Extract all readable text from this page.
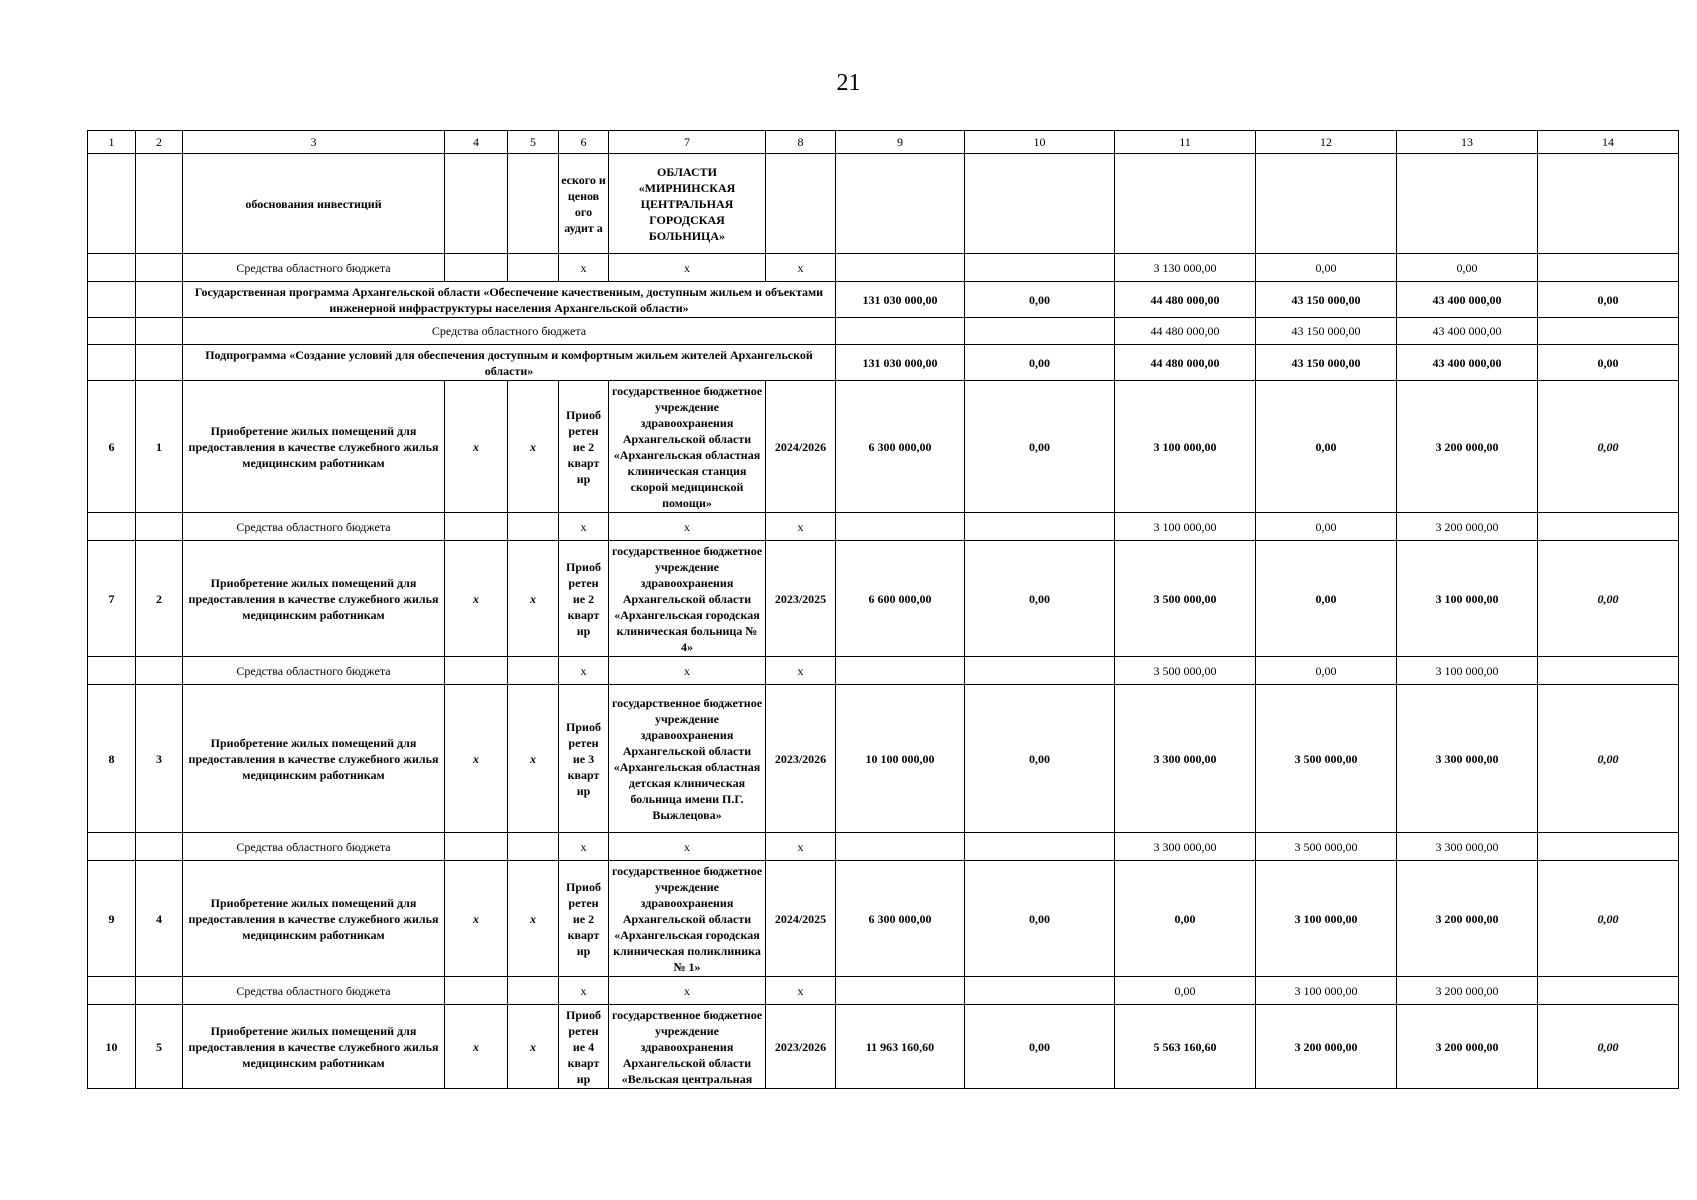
21
1	2	3	4	5	6	7	8	9	10	11	12	13	14
		обоснования инвестиций			еского и ценов ого аудит а	ОБЛАСТИ «МИРНИНСКАЯ ЦЕНТРАЛЬНАЯ ГОРОДСКАЯ БОЛЬНИЦА»							
		Средства областного бюджета			х	х	х			3 130 000,00	0,00	0,00	
		Государственная программа Архангельской области «Обеспечение качественным, доступным жильем и объектами инженерной инфраструктуры населения Архангельской области»						131 030 000,00	0,00	44 480 000,00	43 150 000,00	43 400 000,00	0,00
		Средства областного бюджета								44 480 000,00	43 150 000,00	43 400 000,00	
		Подпрограмма «Создание условий для обеспечения доступным и комфортным жильем жителей Архангельской области»						131 030 000,00	0,00	44 480 000,00	43 150 000,00	43 400 000,00	0,00
6	1	Приобретение жилых помещений для предоставления в качестве служебного жилья медицинским работникам	х	х	Приоб ретен ие 2 кварт ир	государственное бюджетное учреждение здравоохранения Архангельской области «Архангельская областная клиническая станция скорой медицинской помощи»	2024/2026	6 300 000,00	0,00	3 100 000,00	0,00	3 200 000,00	0,00
		Средства областного бюджета			х	х	х			3 100 000,00	0,00	3 200 000,00	
7	2	Приобретение жилых помещений для предоставления в качестве служебного жилья медицинским работникам	х	х	Приоб ретен ие 2 кварт ир	государственное бюджетное учреждение здравоохранения Архангельской области «Архангельская городская клиническая больница № 4»	2023/2025	6 600 000,00	0,00	3 500 000,00	0,00	3 100 000,00	0,00
		Средства областного бюджета			х	х	х			3 500 000,00	0,00	3 100 000,00	
8	3	Приобретение жилых помещений для предоставления в качестве служебного жилья медицинским работникам	х	х	Приоб ретен ие 3 кварт ир	государственное бюджетное учреждение здравоохранения Архангельской области «Архангельская областная детская клиническая больница имени П.Г. Выжлецова»	2023/2026	10 100 000,00	0,00	3 300 000,00	3 500 000,00	3 300 000,00	0,00
		Средства областного бюджета			х	х	х			3 300 000,00	3 500 000,00	3 300 000,00	
9	4	Приобретение жилых помещений для предоставления в качестве служебного жилья медицинским работникам	х	х	Приоб ретен ие 2 кварт ир	государственное бюджетное учреждение здравоохранения Архангельской области «Архангельская городская клиническая поликлиника № 1»	2024/2025	6 300 000,00	0,00	0,00	3 100 000,00	3 200 000,00	0,00
		Средства областного бюджета			х	х	х			0,00	3 100 000,00	3 200 000,00	
10	5	Приобретение жилых помещений для предоставления в качестве служебного жилья медицинским работникам	х	х	Приоб ретен ие 4 кварт ир	государственное бюджетное учреждение здравоохранения Архангельской области «Вельская центральная	2023/2026	11 963 160,60	0,00	5 563 160,60	3 200 000,00	3 200 000,00	0,00
